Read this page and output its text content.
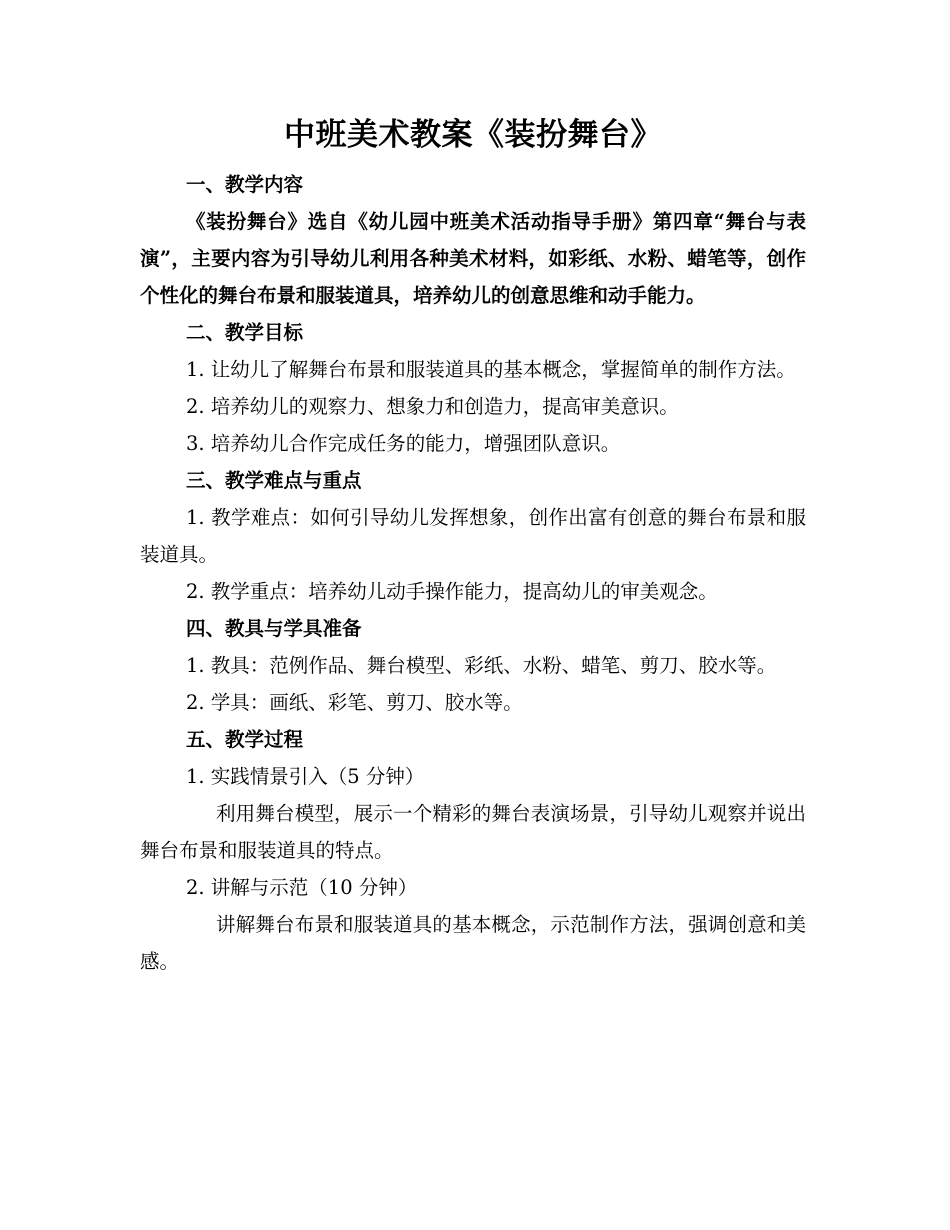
中班美术教案《装扮舞台》

一、教学内容

《装扮舞台》选自《幼儿园中班美术活动指导手册》第四章“舞台与表演”，主要内容为引导幼儿利用各种美术材料，如彩纸、水粉、蜡笔等，创作个性化的舞台布景和服装道具，培养幼儿的创意思维和动手能力。

二、教学目标

1. 让幼儿了解舞台布景和服装道具的基本概念，掌握简单的制作方法。

2. 培养幼儿的观察力、想象力和创造力，提高审美意识。

3. 培养幼儿合作完成任务的能力，增强团队意识。

三、教学难点与重点

1. 教学难点：如何引导幼儿发挥想象，创作出富有创意的舞台布景和服装道具。

2. 教学重点：培养幼儿动手操作能力，提高幼儿的审美观念。

四、教具与学具准备

1. 教具：范例作品、舞台模型、彩纸、水粉、蜡笔、剪刀、胶水等。

2. 学具：画纸、彩笔、剪刀、胶水等。

五、教学过程

1. 实践情景引入（5 分钟）

利用舞台模型，展示一个精彩的舞台表演场景，引导幼儿观察并说出舞台布景和服装道具的特点。

2. 讲解与示范（10 分钟）

讲解舞台布景和服装道具的基本概念，示范制作方法，强调创意和美感。
